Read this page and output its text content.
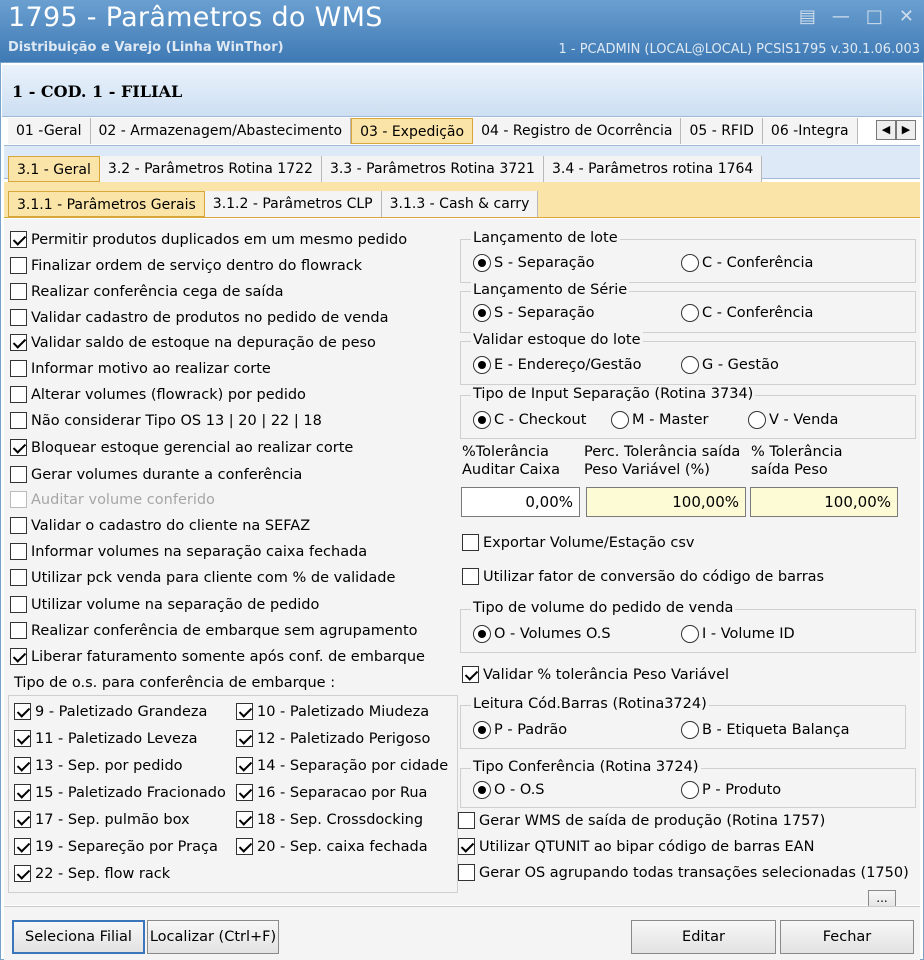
1795 - Parâmetros do WMS
Distribuição e Varejo (Linha WinThor)	1 - PCADMIN (LOCAL@LOCAL) PCSIS1795 v.30.1.06.003
▤ — □ ✕
1 - COD. 1 - FILIAL
01 -Geral	02 - Armazenagem/Abastecimento	03 - Expedição	04 - Registro de Ocorrência	05 - RFID	06 -Integra	◀	▶
3.1 - Geral	3.2 - Parâmetros Rotina 1722	3.3 - Parâmetros Rotina 3721	3.4 - Parâmetros rotina 1764
3.1.1 - Parâmetros Gerais	3.1.2 - Parâmetros CLP	3.1.3 - Cash & carry
Permitir produtos duplicados em um mesmo pedido
Finalizar ordem de serviço dentro do flowrack
Realizar conferência cega de saída
Validar cadastro de produtos no pedido de venda
Validar saldo de estoque na depuração de peso
Informar motivo ao realizar corte
Alterar volumes (flowrack) por pedido
Não considerar Tipo OS 13 | 20 | 22 | 18
Bloquear estoque gerencial ao realizar corte
Gerar volumes durante a conferência
Auditar volume conferido
Validar o cadastro do cliente na SEFAZ
Informar volumes na separação caixa fechada
Utilizar pck venda para cliente com % de validade
Utilizar volume na separação de pedido
Realizar conferência de embarque sem agrupamento
Liberar faturamento somente após conf. de embarque
Tipo de o.s. para conferência de embarque :
9 - Paletizado Grandeza	10 - Paletizado Miudeza
11 - Paletizado Leveza	12 - Paletizado Perigoso
13 - Sep. por pedido	14 - Separação por cidade
15 - Paletizado Fracionado 16 - Separacao por Rua
17 - Sep. pulmão box	18 - Sep. Crossdocking
19 - Separeção por Praça	20 - Sep. caixa fechada
22 - Sep. flow rack
Lançamento de lote
S - Separação	C - Conferência
Lançamento de Série
S - Separação	C - Conferência
Validar estoque do lote
E - Endereço/Gestão	G - Gestão
Tipo de Input Separação (Rotina 3734)
C - Checkout	M - Master	V - Venda
%Tolerância
Auditar Caixa
Perc. Tolerância saída
Peso Variável (%)
% Tolerância
saída Peso
0,00%	100,00%	100,00%
Exportar Volume/Estação csv
Utilizar fator de conversão do código de barras
Tipo de volume do pedido de venda
O - Volumes O.S	I - Volume ID
Validar % tolerância Peso Variável
Leitura Cód.Barras (Rotina3724)
P - Padrão	B - Etiqueta Balança
Tipo Conferência (Rotina 3724)
O - O.S	P - Produto
Gerar WMS de saída de produção (Rotina 1757)
Utilizar QTUNIT ao bipar código de barras EAN
Gerar OS agrupando todas transações selecionadas (1750)
...
Seleciona Filial	Localizar (Ctrl+F)	Editar	Fechar
